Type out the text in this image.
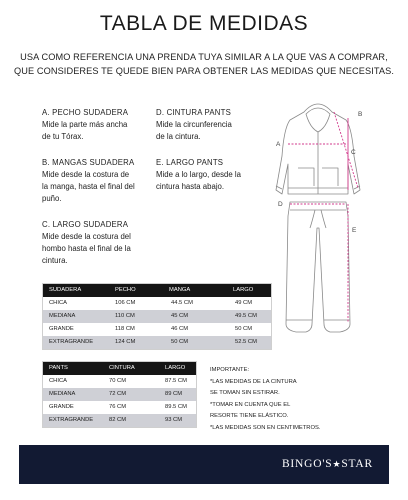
TABLA DE MEDIDAS
USA COMO REFERENCIA UNA PRENDA TUYA SIMILAR A LA QUE VAS A COMPRAR,
QUE CONSIDERES TE QUEDE BIEN PARA OBTENER LAS MEDIDAS QUE NECESITAS.
A. PECHO SUDADERA
Mide la parte más ancha
de tu Tórax.
B. MANGAS SUDADERA
Mide desde la costura de
la manga, hasta el final del
puño.
C. LARGO SUDADERA
Mide desde la costura del
hombo hasta el final de la
cintura.
D. CINTURA PANTS
Mide la circunferencia
de la cintura.
E. LARGO PANTS
Mide a lo largo, desde la
cintura hasta abajo.
A
B
C
D
E
SUDADERA	PECHO	MANGA	LARGO
CHICA	106 CM	44.5 CM	49 CM
MEDIANA	110 CM	45 CM	49.5 CM
GRANDE	118 CM	46 CM	50 CM
EXTRAGRANDE	124 CM	50 CM	52.5 CM
PANTS	CINTURA	LARGO
CHICA	70 CM	87.5 CM
MEDIANA	72 CM	89 CM
GRANDE	76 CM	89.5 CM
EXTRAGRANDE	82 CM	93 CM
IMPORTANTE:
*LAS MEDIDAS DE LA CINTURA
SE TOMAN SIN ESTIRAR.
*TOMAR EN CUENTA QUE EL
RESORTE TIENE ELÁSTICO.
*LAS MEDIDAS SON EN CENTIMETROS.
BINGO'S★STAR
